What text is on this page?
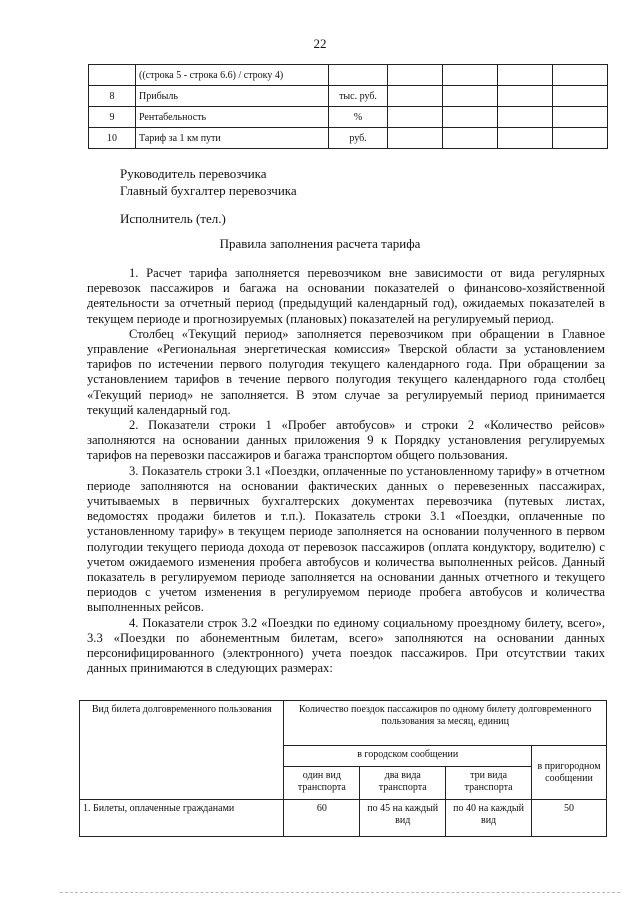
22
	((строка 5 - строка 6.6) / строку 4)					
8	Прибыль	тыс. руб.				
9	Рентабельность	%				
10	Тариф за 1 км пути	руб.				
Руководитель перевозчика
Главный бухгалтер перевозчика
Исполнитель (тел.)
Правила заполнения расчета тарифа

1. Расчет тарифа заполняется перевозчиком вне зависимости от вида регулярных перевозок пассажиров и багажа на основании показателей о финансово-хозяйственной деятельности за отчетный период (предыдущий календарный год), ожидаемых показателей в текущем периоде и прогнозируемых (плановых) показателей на регулируемый период.

Столбец «Текущий период» заполняется перевозчиком при обращении в Главное управление «Региональная энергетическая комиссия» Тверской области за установлением тарифов по истечении первого полугодия текущего календарного года. При обращении за установлением тарифов в течение первого полугодия текущего календарного года столбец «Текущий период» не заполняется. В этом случае за регулируемый период принимается текущий календарный год.

2. Показатели строки 1 «Пробег автобусов» и строки 2 «Количество рейсов» заполняются на основании данных приложения 9 к Порядку установления регулируемых тарифов на перевозки пассажиров и багажа транспортом общего пользования.

3. Показатель строки 3.1 «Поездки, оплаченные по установленному тарифу» в отчетном периоде заполняются на основании фактических данных о перевезенных пассажирах, учитываемых в первичных бухгалтерских документах перевозчика (путевых листах, ведомостях продажи билетов и т.п.). Показатель строки 3.1 «Поездки, оплаченные по установленному тарифу» в текущем периоде заполняется на основании полученного в первом полугодии текущего периода дохода от перевозок пассажиров (оплата кондуктору, водителю) с учетом ожидаемого изменения пробега автобусов и количества выполненных рейсов. Данный показатель в регулируемом периоде заполняется на основании данных отчетного и текущего периодов с учетом изменения в регулируемом периоде пробега автобусов и количества выполненных рейсов.

4. Показатели строк 3.2 «Поездки по единому социальному проездному билету, всего», 3.3 «Поездки по абонементным билетам, всего» заполняются на основании данных персонифицированного (электронного) учета поездок пассажиров. При отсутствии таких данных принимаются в следующих размерах:

Вид билета долговременного пользования	Количество поездок пассажиров по одному билету долговременного пользования за месяц, единиц			
	в городском сообщении			в пригородном сообщении
	один вид транспорта	два вида транспорта	три вида транспорта	
1. Билеты, оплаченные гражданами	60	по 45 на каждый вид	по 40 на каждый вид	50
